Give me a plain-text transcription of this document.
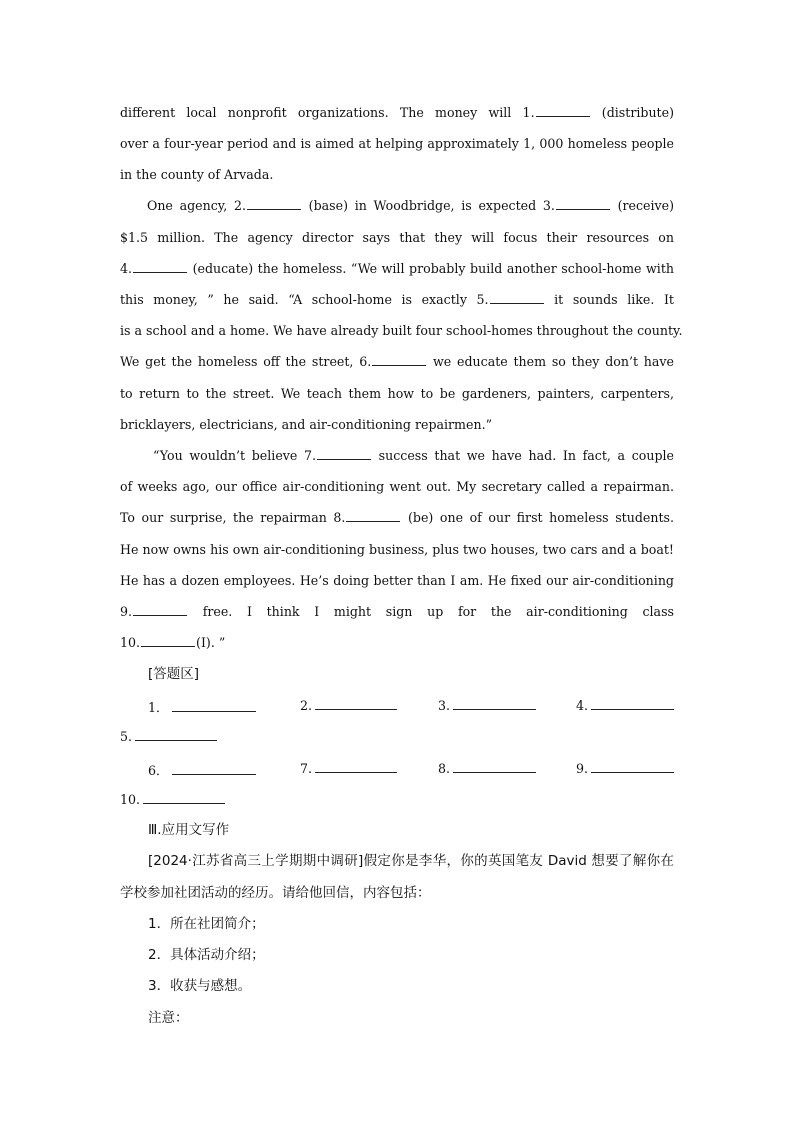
different local nonprofit organizations. The money will 1.	(distribute)
over a four-year period and is aimed at helping approximately 1, 000 homeless people
in the county of Arvada.
One agency, 2.	(base) in Woodbridge, is expected 3.	(receive)
$1.5 million. The agency director says that they will focus their resources on
4.	(educate) the homeless. “We will probably build another school-home with
this money, ” he said. “A school-home is exactly 5.	it sounds like. It
is a school and a home. We have already built four school-homes throughout the county.
We get the homeless off the street, 6.	we educate them so they don’t have
to return to the street. We teach them how to be gardeners, painters, carpenters,
bricklayers, electricians, and air-conditioning repairmen.”
“You wouldn’t believe 7.	success that we have had. In fact, a couple
of weeks ago, our office air-conditioning went out. My secretary called a repairman.
To our surprise, the repairman 8.	(be) one of our first homeless students.
He now owns his own air-conditioning business, plus two houses, two cars and a boat!
He has a dozen employees. He’s doing better than I am. He fixed our air-conditioning
9.	free. I think I might sign up for the air-conditioning class
10.	(I). ”
[答题区]
1．	2.	3.	4.
5.
6．	7.	8.	9.
10.
Ⅲ.应用文写作
[2024·江苏省高三上学期期中调研]假定你是李华，你的英国笔友 David 想要了解你在
学校参加社团活动的经历。请给他回信，内容包括：
1．所在社团简介；
2．具体活动介绍；
3．收获与感想。
注意：
